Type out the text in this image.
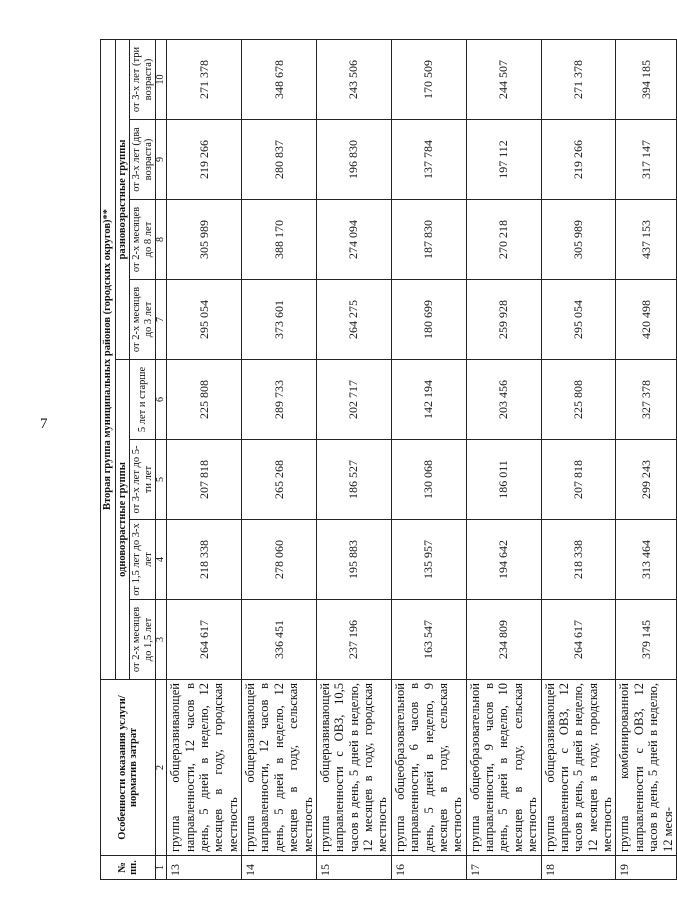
7
№ пп.	Особенности оказания услуги/норматив затрат	Вторая группа муниципальных районов (городских округов)**							
		одновозрастные группы				разновозрастные группы			
		от 2-х месяцев до 1,5 лет	от 1,5 лет до 3-х лет	от 3-х лет до 5-ти лет	5 лет и старше	от 2-х месяцев до 3 лет	от 2-х месяцев до 8 лет	от 3-х лет (два возраста)	от 3-х лет (три возраста)
1	2	3	4	5	6	7	8	9	10
13	группа общеразвивающей направленности, 12 часов в день, 5 дней в неделю, 12 месяцев в году, городская местность	264 617	218 338	207 818	225 808	295 054	305 989	219 266	271 378
14	группа общеразвивающей направленности, 12 часов в день, 5 дней в неделю, 12 месяцев в году, сельская местность	336 451	278 060	265 268	289 733	373 601	388 170	280 837	348 678
15	группа общеразвивающей направленности с ОВЗ, 10,5 часов в день, 5 дней в неделю, 12 месяцев в году, городская местность	237 196	195 883	186 527	202 717	264 275	274 094	196 830	243 506
16	группа общеобразовательной направленности, 6 часов в день, 5 дней в неделю, 9 месяцев в году, сельская местность	163 547	135 957	130 068	142 194	180 699	187 830	137 784	170 509
17	группа общеобразовательной направленности, 9 часов в день, 5 дней в неделю, 10 месяцев в году, сельская местность	234 809	194 642	186 011	203 456	259 928	270 218	197 112	244 507
18	группа общеразвивающей направленности с ОВЗ, 12 часов в день, 5 дней в неделю, 12 месяцев в году, городская местность	264 617	218 338	207 818	225 808	295 054	305 989	219 266	271 378
19	группа комбинированной направленности с ОВЗ, 12 часов в день, 5 дней в неделю, 12 меся-	379 145	313 464	299 243	327 378	420 498	437 153	317 147	394 185
